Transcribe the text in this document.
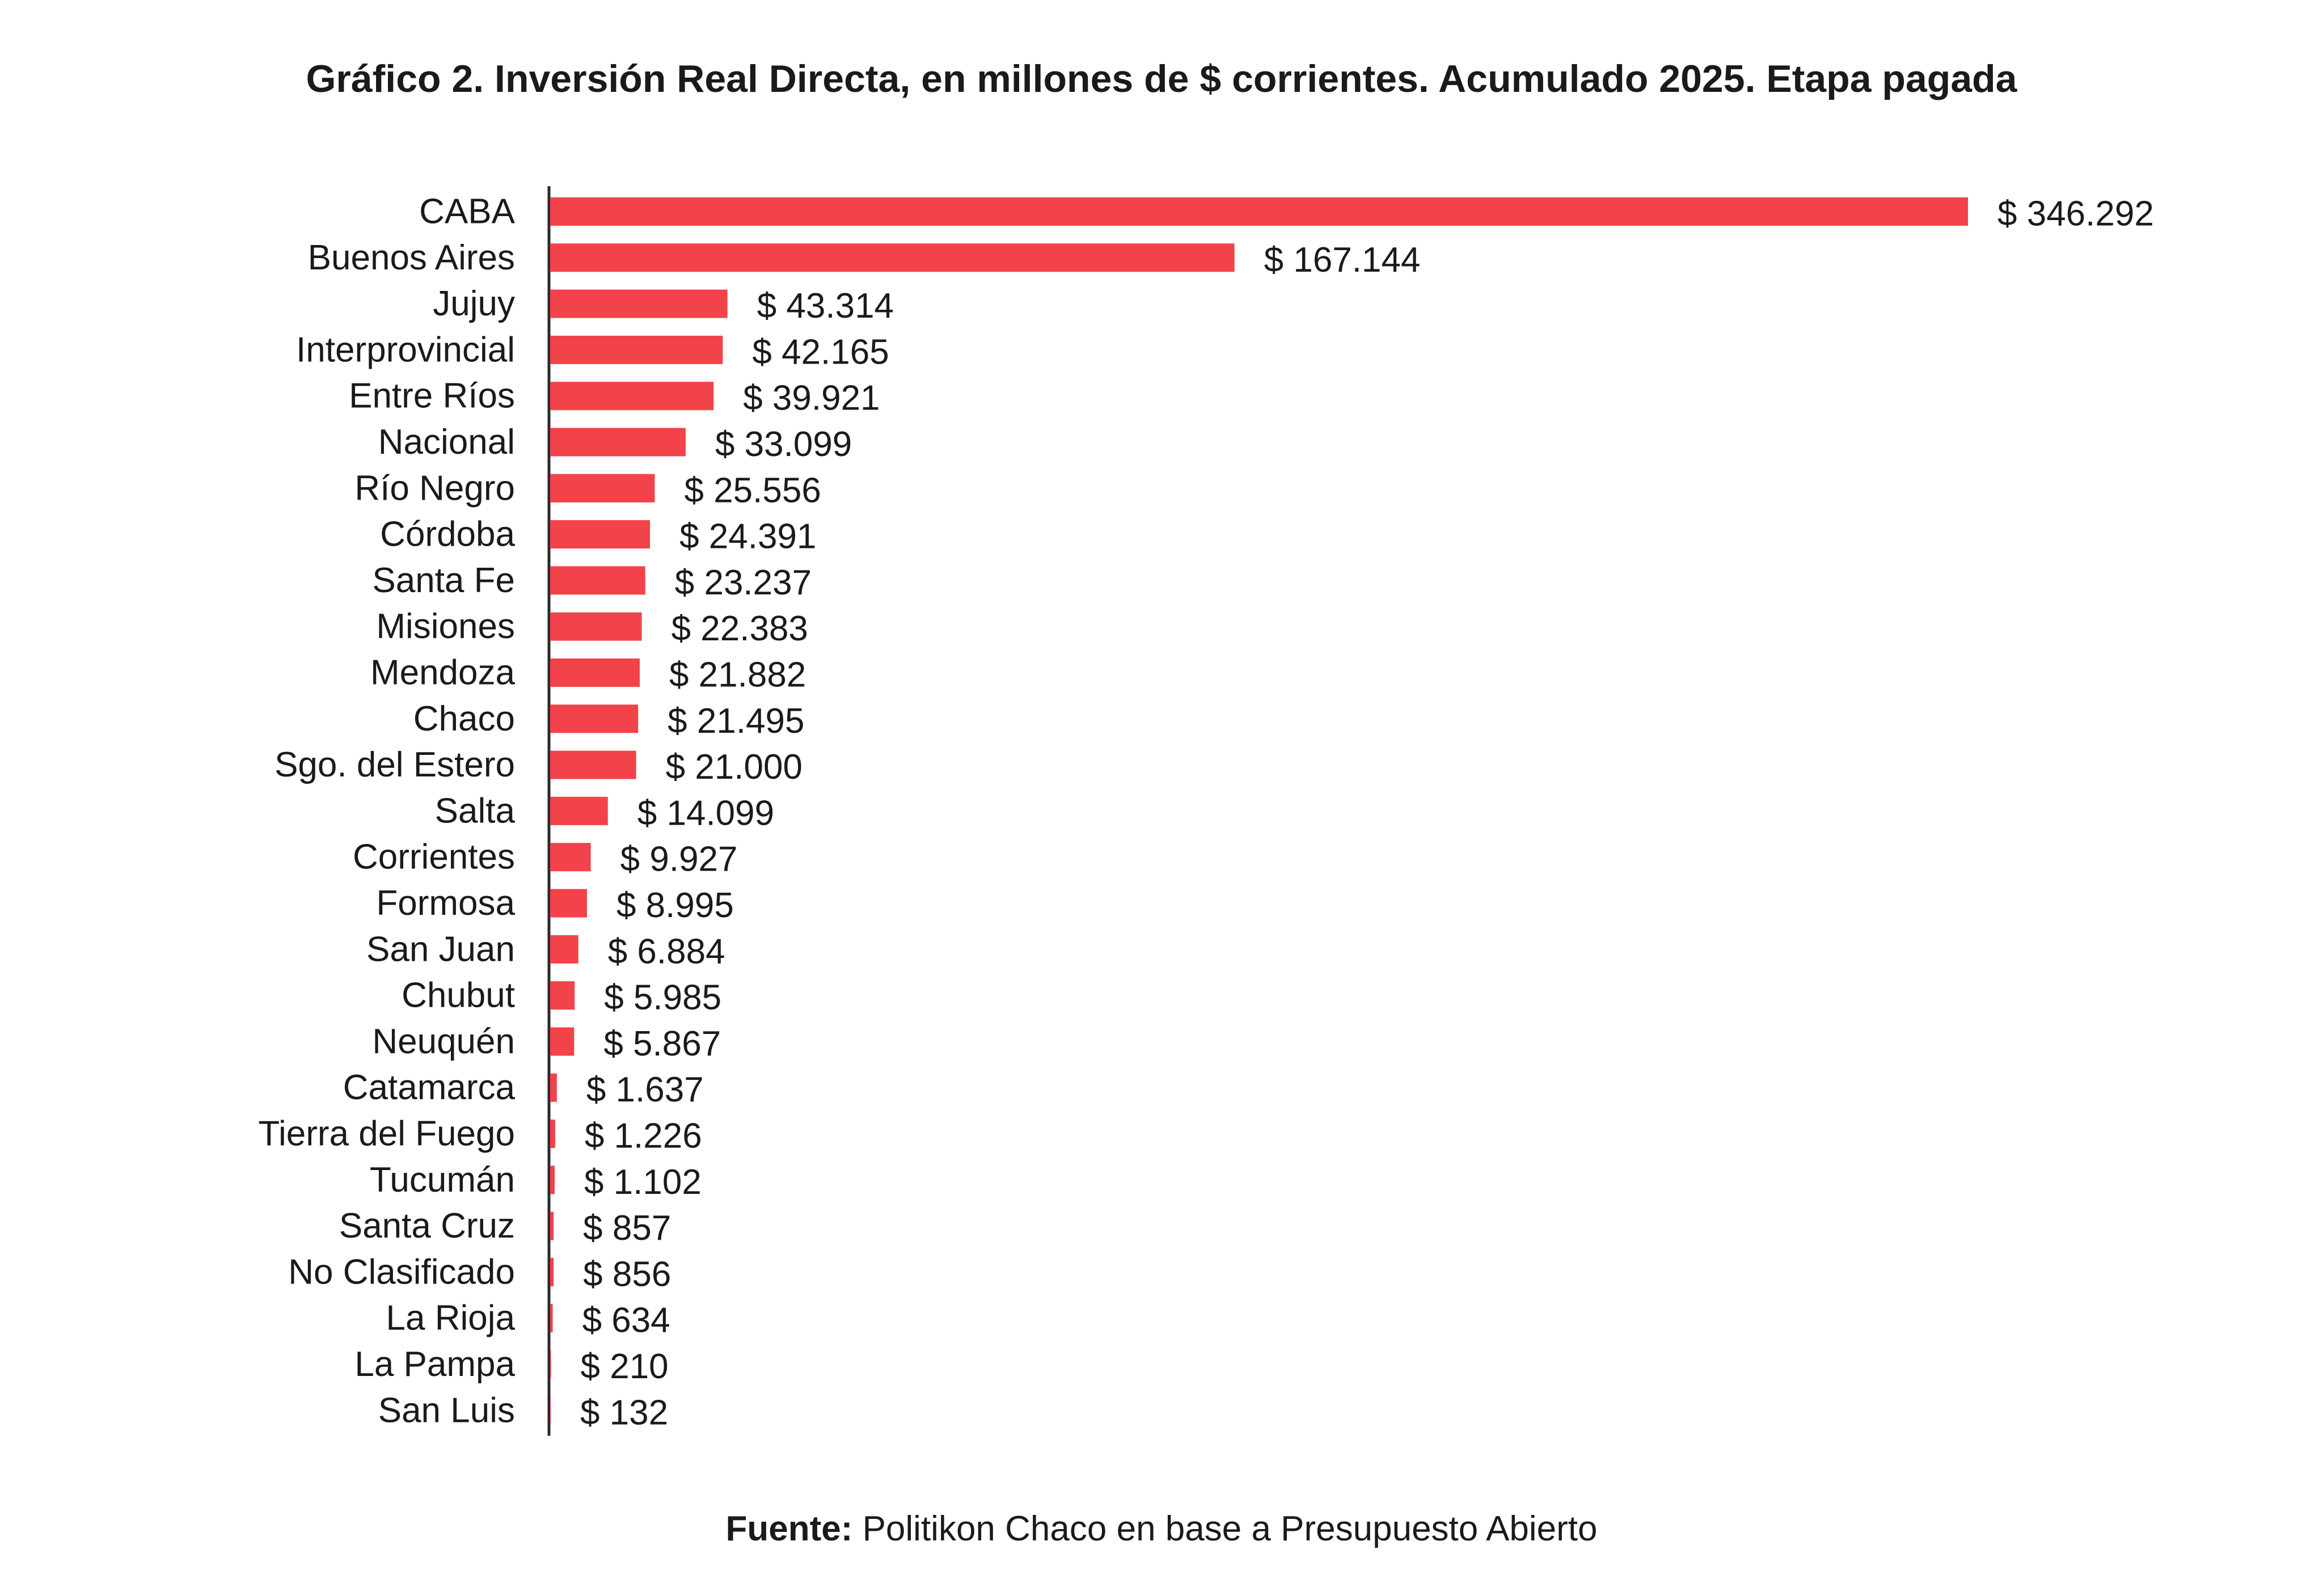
Gráfico 2. Inversión Real Directa, en millones de $ corrientes. Acumulado 2025. Etapa pagada
CABA	$ 346.292
Buenos Aires	$ 167.144
Jujuy	$ 43.314
Interprovincial	$ 42.165
Entre Ríos	$ 39.921
Nacional	$ 33.099
Río Negro	$ 25.556
Córdoba	$ 24.391
Santa Fe	$ 23.237
Misiones	$ 22.383
Mendoza	$ 21.882
Chaco	$ 21.495
Sgo. del Estero	$ 21.000
Salta	$ 14.099
Corrientes	$ 9.927
Formosa	$ 8.995
San Juan	$ 6.884
Chubut	$ 5.985
Neuquén	$ 5.867
Catamarca $ 1.637
Tierra del Fuego $ 1.226
Tucumán $ 1.102
Santa Cruz $ 857
No Clasificado $ 856
La Rioja $ 634
La Pampa $ 210
San Luis $ 132
Fuente: Politikon Chaco en base a Presupuesto Abierto
